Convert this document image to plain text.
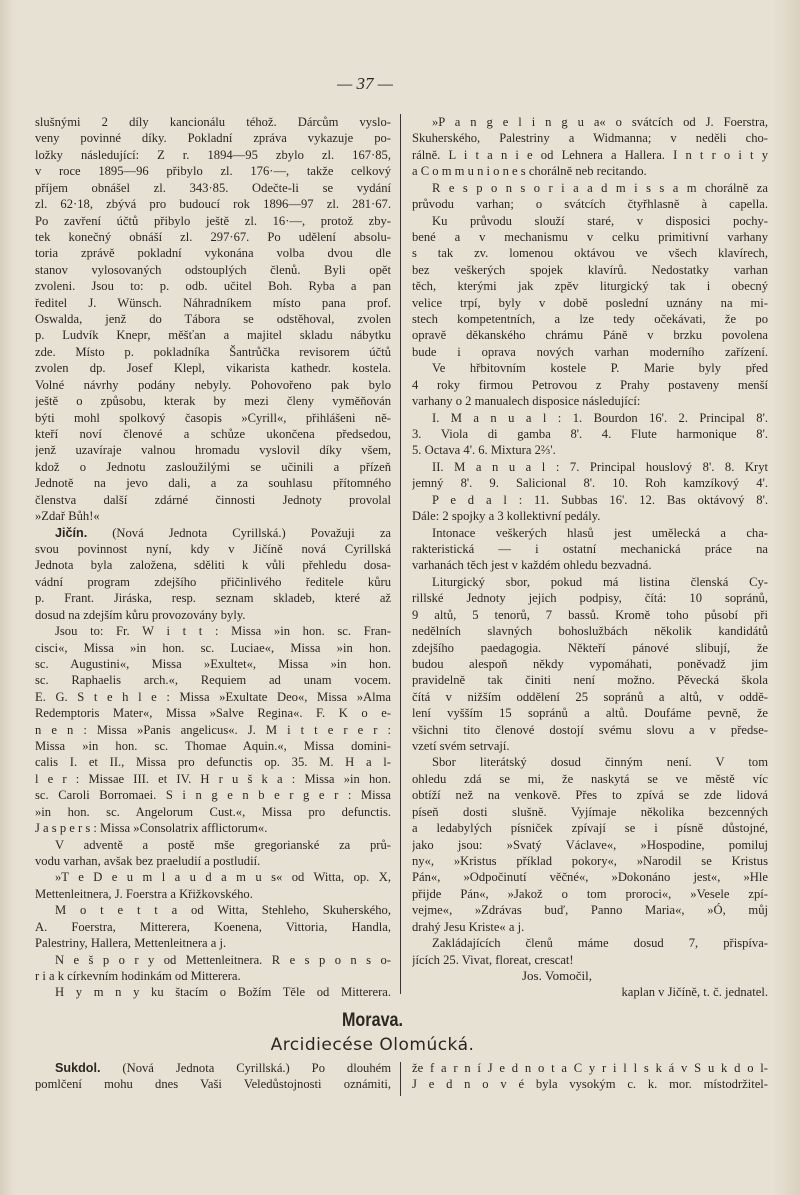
— 37 —
slušnými 2 díly kancionálu téhož. Dárcům vyslo-
veny povinné díky. Pokladní zpráva vykazuje po-
ložky následující: Z r. 1894—95 zbylo zl. 167·85,
v roce 1895—96 přibylo zl. 176·—, takže celkový
příjem obnášel zl. 343·85. Odečte-li se vydání
zl. 62·18, zbývá pro budoucí rok 1896—97 zl. 281·67.
Po zavření účtů přibylo ještě zl. 16·—, protož zby-
tek konečný obnáší zl. 297·67. Po udělení absolu-
toria zprávě pokladní vykonána volba dvou dle
stanov vylosovaných odstouplých členů. Byli opět
zvoleni. Jsou to: p. odb. učitel Boh. Ryba a pan
ředitel J. Wünsch. Náhradníkem místo pana prof.
Oswalda, jenž do Tábora se odstěhoval, zvolen
p. Ludvík Knepr, měšťan a majitel skladu nábytku
zde. Místo p. pokladníka Šantrůčka revisorem účtů
zvolen dp. Josef Klepl, vikarista kathedr. kostela.
Volné návrhy podány nebyly. Pohovořeno pak bylo
ještě o způsobu, kterak by mezi členy vyměňován
býti mohl spolkový časopis »Cyrill«, přihlášeni ně-
kteří noví členové a schůze ukončena předsedou,
jenž uzavíraje valnou hromadu vyslovil díky všem,
kdož o Jednotu zasloužilými se učinili a přízeň
Jednotě na jevo dali, a za souhlasu přítomného
členstva další zdárné činnosti Jednoty provolal
»Zdař Bůh!«
Jičín. (Nová Jednota Cyrillská.) Považuji za
svou povinnost nyní, kdy v Jičíně nová Cyrillská
Jednota byla založena, sděliti k vůli přehledu dosa-
vádní program zdejšího přičinlivého ředitele kůru
p. Frant. Jiráska, resp. seznam skladeb, které až
dosud na zdejším kůru provozovány byly.
Jsou to: Fr. W i t t : Missa »in hon. sc. Fran-
cisci«, Missa »in hon. sc. Luciae«, Missa »in hon.
sc. Augustini«, Missa »Exultet«, Missa »in hon.
sc. Raphaelis arch.«, Requiem ad unam vocem.
E. G. S t e h l e : Missa »Exultate Deo«, Missa »Alma
Redemptoris Mater«, Missa »Salve Regina«. F. K o e-
n e n : Missa »Panis angelicus«. J. M i t t e r e r :
Missa »in hon. sc. Thomae Aquin.«, Missa domini-
calis I. et II., Missa pro defunctis op. 35. M. H a l-
l e r : Missae III. et IV. H r u š k a : Missa »in hon.
sc. Caroli Borromaei. S i n g e n b e r g e r : Missa
»in hon. sc. Angelorum Cust.«, Missa pro defunctis.
J a s p e r s : Missa »Consolatrix afflictorum«.
V adventě a postě mše gregorianské za prů-
vodu varhan, avšak bez praeludií a postludií.
»T e D e u m l a u d a m u s« od Witta, op. X,
Mettenleitnera, J. Foerstra a Křižkovského.
M o t e t t a od Witta, Stehleho, Skuherského,
A. Foerstra, Mitterera, Koenena, Vittoria, Handla,
Palestriny, Hallera, Mettenleitnera a j.
N e š p o r y od Mettenleitnera. R e s p o n s o-
r i a k církevním hodinkám od Mitterera.
H y m n y ku štacím o Božím Těle od Mitterera.
»P a n g e l i n g u a« o svátcích od J. Foerstra,
Skuherského, Palestriny a Widmanna; v neděli cho-
rálně. L i t a n i e od Lehnera a Hallera. I n t r o i t y
a C o m m u n i o n e s chorálně neb recitando.
R e s p o n s o r i a a d m i s s a m chorálně za
průvodu varhan; o svátcích čtyřhlasně à capella.
Ku průvodu slouží staré, v disposici pochy-
bené a v mechanismu v celku primitivní varhany
s tak zv. lomenou oktávou ve všech klavírech,
bez veškerých spojek klavírů. Nedostatky varhan
těch, kterými jak zpěv liturgický tak i obecný
velice trpí, byly v době poslední uznány na mi-
stech kompetentních, a lze tedy očekávati, že po
opravě děkanského chrámu Páně v brzku povolena
bude i oprava nových varhan moderního zařízení.
Ve hřbitovním kostele P. Marie byly před
4 roky firmou Petrovou z Prahy postaveny menší
varhany o 2 manualech disposice následující:
I. M a n u a l : 1. Bourdon 16'. 2. Principal 8'.
3. Viola di gamba 8'. 4. Flute harmonique 8'.
5. Octava 4'. 6. Mixtura 2⅔'.
II. M a n u a l : 7. Principal houslový 8'. 8. Kryt
jemný 8'. 9. Salicional 8'. 10. Roh kamzíkový 4'.
P e d a l : 11. Subbas 16'. 12. Bas oktávový 8'.
Dále: 2 spojky a 3 kollektivní pedály.
Intonace veškerých hlasů jest umělecká a cha-
rakteristická — i ostatní mechanická práce na
varhanách těch jest v každém ohledu bezvadná.
Liturgický sbor, pokud má listina členská Cy-
rillské Jednoty jejich podpisy, čítá: 10 sopránů,
9 altů, 5 tenorů, 7 bassů. Kromě toho působí při
nedělních slavných bohoslužbách několik kandidátů
zdejšího paedagogia. Někteří pánové slibují, že
budou alespoň někdy vypomáhati, poněvadž jim
pravidelně tak činiti není možno. Pěvecká škola
čítá v nižším oddělení 25 sopránů a altů, v oddě-
lení vyšším 15 sopránů a altů. Doufáme pevně, že
všichni tito členové dostojí svému slovu a v předse-
vzetí svém setrvají.
Sbor literátský dosud činným není. V tom
ohledu zdá se mi, že naskytá se ve městě víc
obtíží než na venkově. Přes to zpívá se zde lidová
píseň dosti slušně. Vyjímaje několika bezcenných
a ledabylých písniček zpívají se i písně důstojné,
jako jsou: »Svatý Václave«, »Hospodine, pomiluj
ny«, »Kristus příklad pokory«, »Narodil se Kristus
Pán«, »Odpočinutí věčné«, »Dokonáno jest«, »Hle
přijde Pán«, »Jakož o tom proroci«, »Vesele zpí-
vejme«, »Zdrávas buď, Panno Maria«, »Ó, můj
drahý Jesu Kriste« a j.
Zakládajících členů máme dosud 7, přispíva-
jících 25. Vivat, floreat, crescat!
Jos. Vomočil,
kaplan v Jičíně, t. č. jednatel.
Morava.
Arcidiecése Olomúcká.
Sukdol. (Nová Jednota Cyrillská.) Po dlouhém
pomlčení mohu dnes Vaši Veledůstojnosti oznámiti,
že f a r n í J e d n o t a C y r i l l s k á v S u k d o l-
J e d n o v é byla vysokým c. k. mor. místodržitel-
